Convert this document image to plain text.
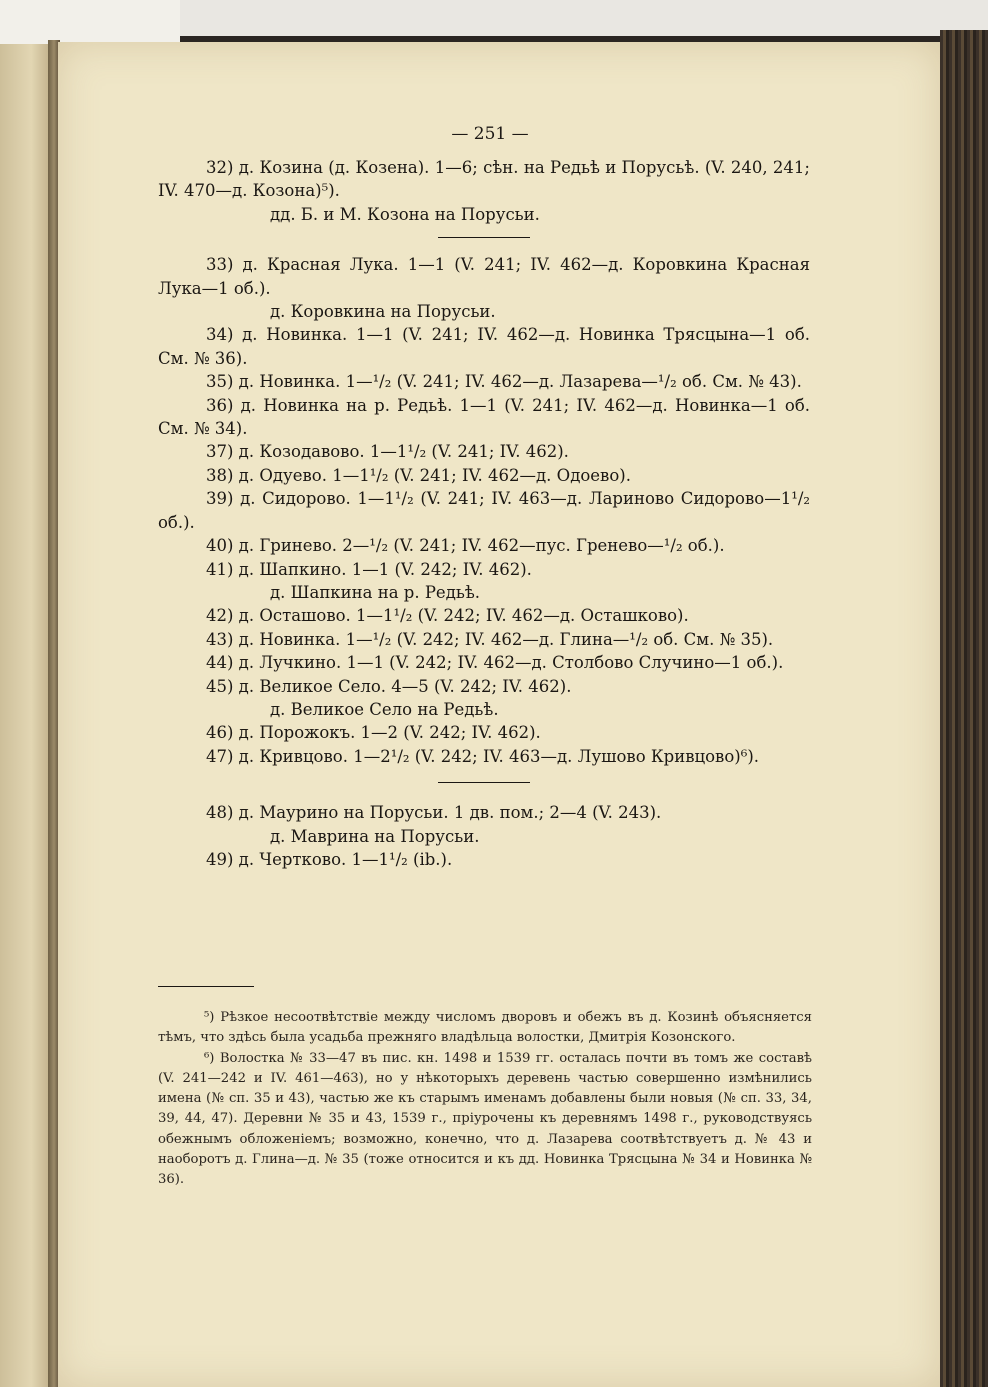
— 251 —

32) д. Козина (д. Козена). 1—6; сѣн. на Редьѣ и Порусьѣ. (V. 240, 241; IV. 470—д. Козона)⁵).

дд. Б. и М. Козона на Порусьи.

33) д. Красная Лука. 1—1 (V. 241; IV. 462—д. Коровкина Красная Лука—1 об.).

д. Коровкина на Порусьи.

34) д. Новинка. 1—1 (V. 241; IV. 462—д. Новинка Трясцына—1 об. См. № 36).

35) д. Новинка. 1—¹/₂ (V. 241; IV. 462—д. Лазарева—¹/₂ об. См. № 43).

36) д. Новинка на р. Редьѣ. 1—1 (V. 241; IV. 462—д. Новинка—1 об. См. № 34).

37) д. Козодавово. 1—1¹/₂ (V. 241; IV. 462).

38) д. Одуево. 1—1¹/₂ (V. 241; IV. 462—д. Одоево).

39) д. Сидорово. 1—1¹/₂ (V. 241; IV. 463—д. Лариново Сидорово—1¹/₂ об.).

40) д. Гринево. 2—¹/₂ (V. 241; IV. 462—пус. Гренево—¹/₂ об.).

41) д. Шапкино. 1—1 (V. 242; IV. 462).

д. Шапкина на р. Редьѣ.

42) д. Осташово. 1—1¹/₂ (V. 242; IV. 462—д. Осташково).

43) д. Новинка. 1—¹/₂ (V. 242; IV. 462—д. Глина—¹/₂ об. См. № 35).

44) д. Лучкино. 1—1 (V. 242; IV. 462—д. Столбово Случино—1 об.).

45) д. Великое Село. 4—5 (V. 242; IV. 462).

д. Великое Село на Редьѣ.

46) д. Порожокъ. 1—2 (V. 242; IV. 462).

47) д. Кривцово. 1—2¹/₂ (V. 242; IV. 463—д. Лушово Кривцово)⁶).

48) д. Маурино на Порусьи. 1 дв. пом.; 2—4 (V. 243).

д. Маврина на Порусьи.

49) д. Чертково. 1—1¹/₂ (ib.).

⁵) Рѣзкое несоотвѣтствіе между числомъ дворовъ и обежъ въ д. Козинѣ объясняется тѣмъ, что здѣсь была усадьба прежняго владѣльца волостки, Дмитрія Козонского.

⁶) Волостка № 33—47 въ пис. кн. 1498 и 1539 гг. осталась почти въ томъ же составѣ (V. 241—242 и IV. 461—463), но у нѣкоторыхъ деревень частью совершенно измѣнились имена (№ сп. 35 и 43), частью же къ старымъ именамъ добавлены были новыя (№ сп. 33, 34, 39, 44, 47). Деревни № 35 и 43, 1539 г., пріурочены къ деревнямъ 1498 г., руководствуясь обежнымъ обложеніемъ; возможно, конечно, что д. Лазарева соотвѣтствуетъ д. № 43 и наоборотъ д. Глина—д. № 35 (тоже относится и къ дд. Новинка Трясцына № 34 и Новинка № 36).
